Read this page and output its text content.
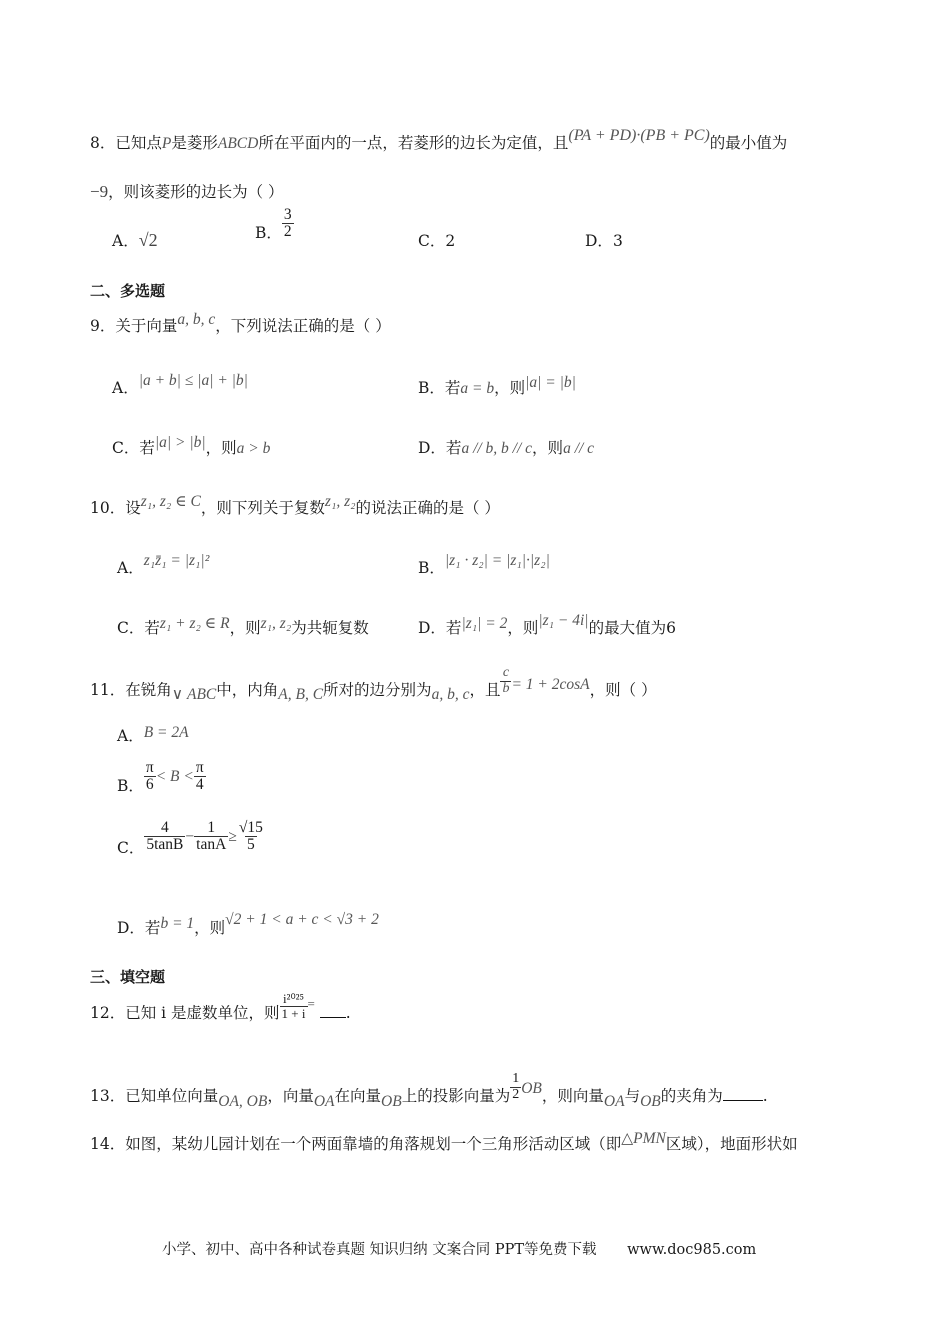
8．已知点P是菱形ABCD所在平面内的一点，若菱形的边长为定值，且(PA + PD)·(PB + PC)的最小值为
−9，则该菱形的边长为（ ）
A．√2	B． $\frac{3}{2}$
C．2	D．3
二、多选题
9．关于向量a, b, c，下列说法正确的是（ ）
A．|a + b| ≤ |a| + |b|	B．若a = b，则|a| = |b|
C．若|a| > |b|，则a > b	D．若a // b, b // c，则a // c
10．设z₁, z₂ ∈ C，则下列关于复数z₁, z₂的说法正确的是（ ）
A．z₁z̄₁ = |z₁|²	B．|z₁ · z₂| = |z₁|·|z₂|
C．若z₁ + z₂ ∈ R，则z₁, z₂为共轭复数	D．若|z₁| = 2，则|z₁ − 4i|的最大值为6
11．在锐角∨ ABC中，内角A, B, C所对的边分别为a, b, c，且 $\frac{c}{b} = 1 + 2\cos A$，则（ ）
A．B = 2A
B． $\frac{\pi}{6} < B < \frac{\pi}{4}$
C． $\frac{4}{5\tan B} - \frac{1}{\tan A} \ge \frac{√15}{5}$
D．若b = 1，则√2 + 1 < a + c < √3 + 2
三、填空题
12．已知 i 是虚数单位，则 $\frac{\text{i²⁰²⁵}}{1 + i}$ = .
13．已知单位向量OA, OB，向量OA在向量OB上的投影向量为 $\frac{1}{2}$ OB，则向量OA与OB的夹角为	.
14．如图，某幼儿园计划在一个两面靠墙的角落规划一个三角形活动区域（即△PMN区域），地面形状如
小学、初中、高中各种试卷真题 知识归纳 文案合同 PPT等免费下载 www.doc985.com
